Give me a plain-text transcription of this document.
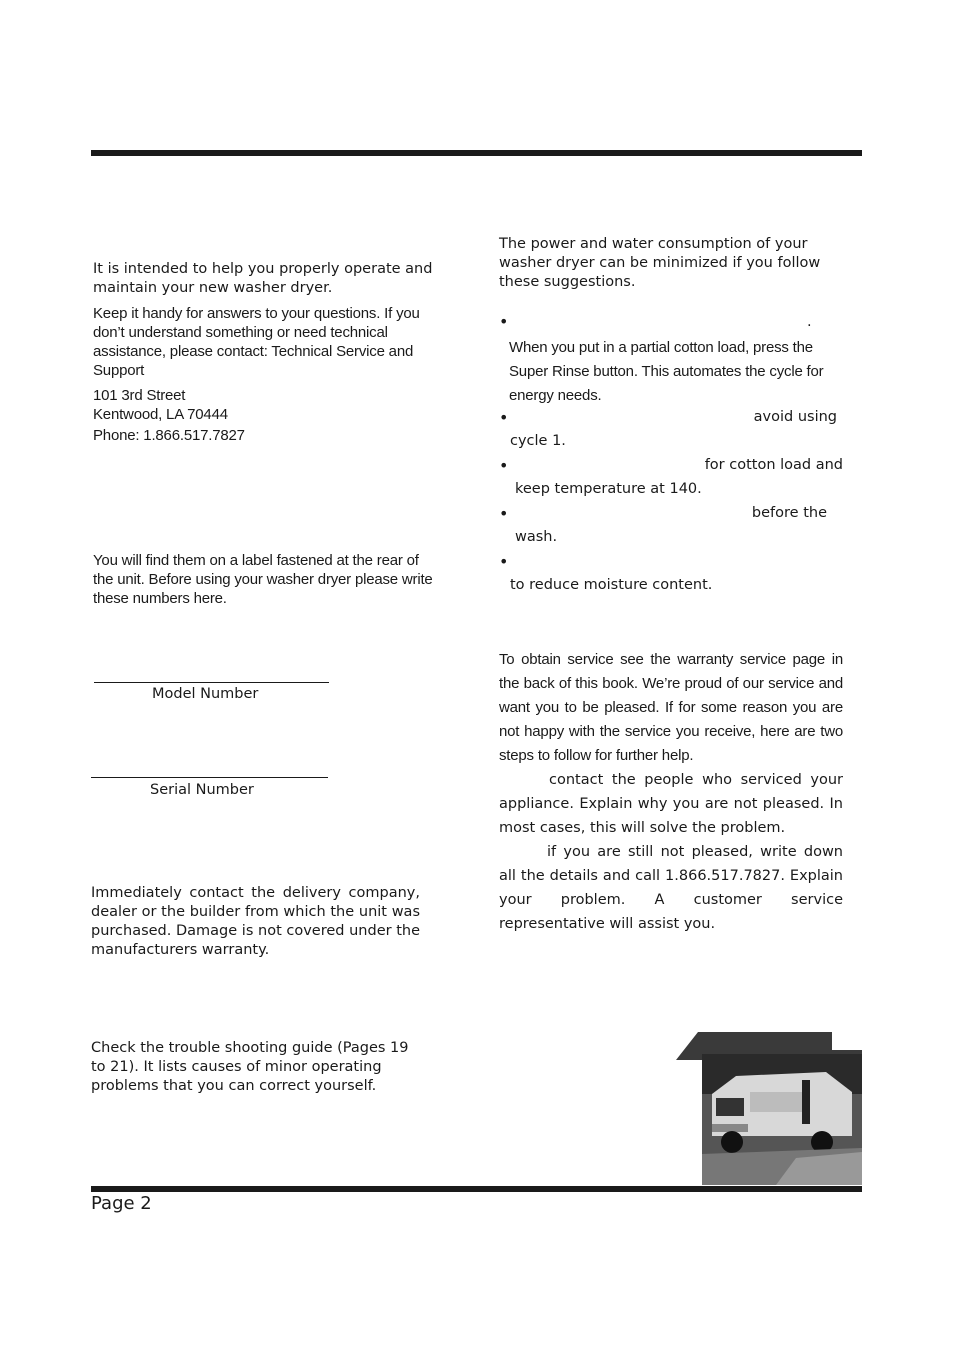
It is intended to help you properly operate and maintain your new washer dryer.

Keep it handy for answers to your questions. If you don’t understand something or need technical assistance, please contact: Technical Service and Support

101 3rd Street

Kentwood, LA 70444

Phone: 1.866.517.7827

You will find them on a label fastened at the rear of the unit. Before using your washer dryer please write these numbers here.
Model Number
Serial Number
Immediately contact the delivery company, dealer or the builder from which the unit was purchased. Damage is not covered under the manufacturers warranty.
Check the trouble shooting guide (Pages 19 to 21). It lists causes of minor operating problems that you can correct yourself.
The power and water consumption of your washer dryer can be minimized if you follow these suggestions.
•	.

When you put in a partial cotton load, press the Super Rinse button. This automates the cycle for energy needs.

•	avoid using
cycle 1.
•	for cotton load and
keep temperature at 140.
•	before the
wash.
•
to reduce moisture content.

To obtain service see the warranty service page in the back of this book. We’re proud of our service and want you to be pleased. If for some reason you are not happy with the service you receive, here are two steps to follow for further help.

contact the people who serviced your appliance. Explain why you are not pleased. In most cases, this will solve the problem.

if you are still not pleased, write down all the details and call 1.866.517.7827. Explain your problem. A customer service representative will assist you.

Page 2
